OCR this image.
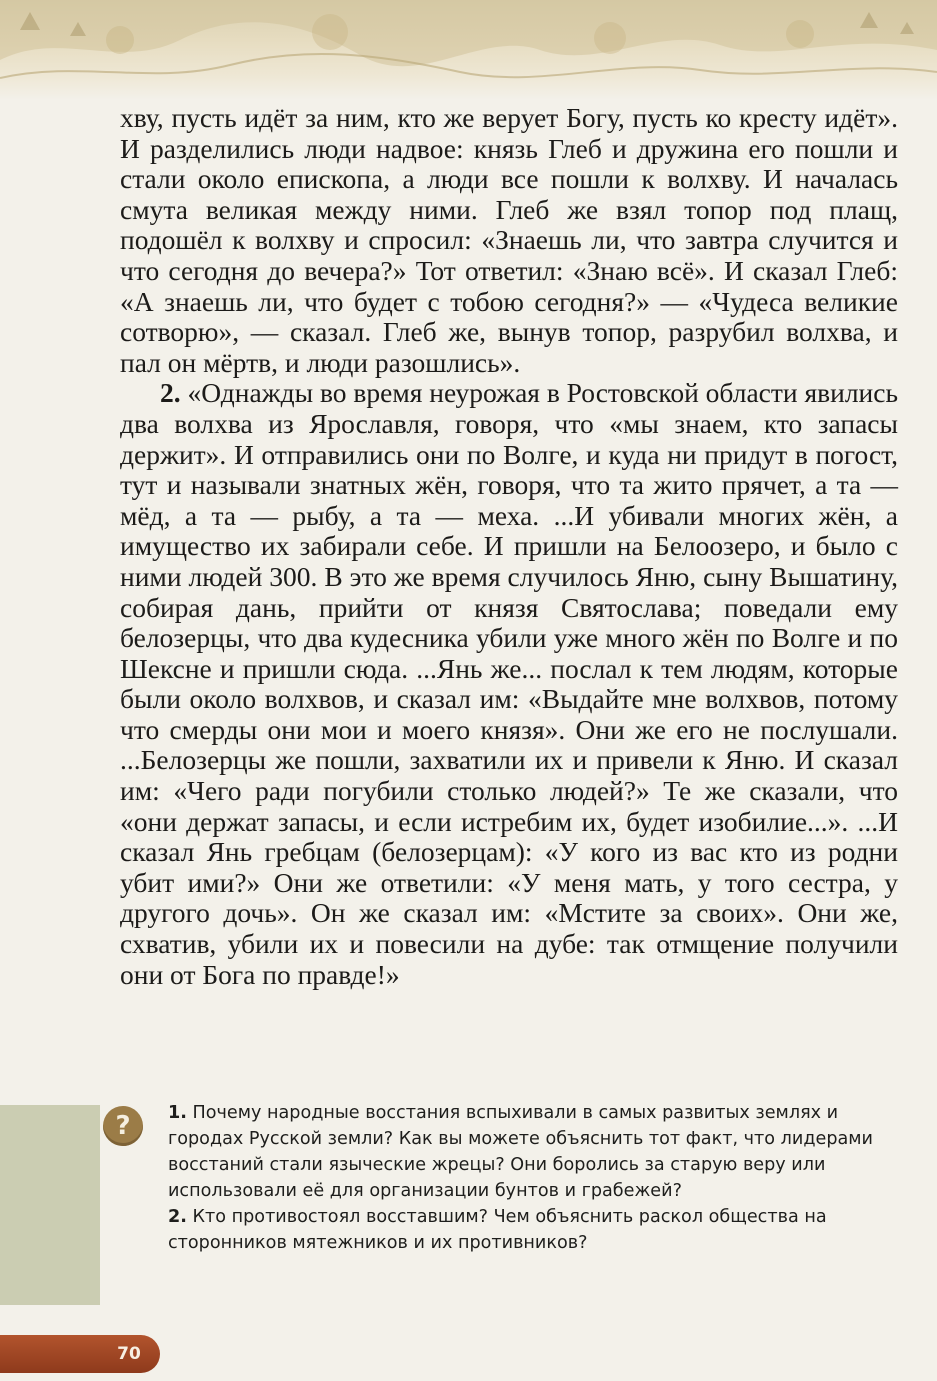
хву, пусть идёт за ним, кто же верует Богу, пусть ко кресту идёт». И разделились люди надвое: князь Глеб и дружина его пошли и стали около епископа, а люди все пошли к волхву. И началась смута великая между ними. Глеб же взял топор под плащ, подошёл к волхву и спросил: «Знаешь ли, что завтра случится и что сегодня до вечера?» Тот ответил: «Знаю всё». И сказал Глеб: «А знаешь ли, что будет с тобою сегодня?» — «Чудеса великие сотворю», — сказал. Глеб же, вынув топор, разрубил волхва, и пал он мёртв, и люди разошлись».

2. «Однажды во время неурожая в Ростовской области явились два волхва из Ярославля, говоря, что «мы знаем, кто запасы держит». И отправились они по Волге, и куда ни придут в погост, тут и называли знатных жён, говоря, что та жито прячет, а та — мёд, а та — рыбу, а та — меха. ...И убивали многих жён, а имущество их забирали себе. И пришли на Белоозеро, и было с ними людей 300. В это же время случилось Яню, сыну Вышатину, собирая дань, прийти от князя Святослава; поведали ему белозерцы, что два кудесника убили уже много жён по Волге и по Шексне и пришли сюда. ...Янь же... послал к тем людям, которые были около волхвов, и сказал им: «Выдайте мне волхвов, потому что смерды они мои и моего князя». Они же его не послушали. ...Белозерцы же пошли, захватили их и привели к Яню. И сказал им: «Чего ради погубили столько людей?» Те же сказали, что «они держат запасы, и если истребим их, будет изобилие...». ...И сказал Янь гребцам (белозерцам): «У кого из вас кто из родни убит ими?» Они же ответили: «У меня мать, у того сестра, у другого дочь». Он же сказал им: «Мстите за своих». Они же, схватив, убили их и повесили на дубе: так отмщение получили они от Бога по правде!»

?	1. Почему народные восстания вспыхивали в самых развитых землях и городах Русской земли? Как вы можете объяснить тот факт, что лидерами восстаний стали языческие жрецы? Они боролись за старую веру или использовали её для организации бунтов и грабежей?

2. Кто противостоял восставшим? Чем объяснить раскол общества на сторонников мятежников и их противников?

70
